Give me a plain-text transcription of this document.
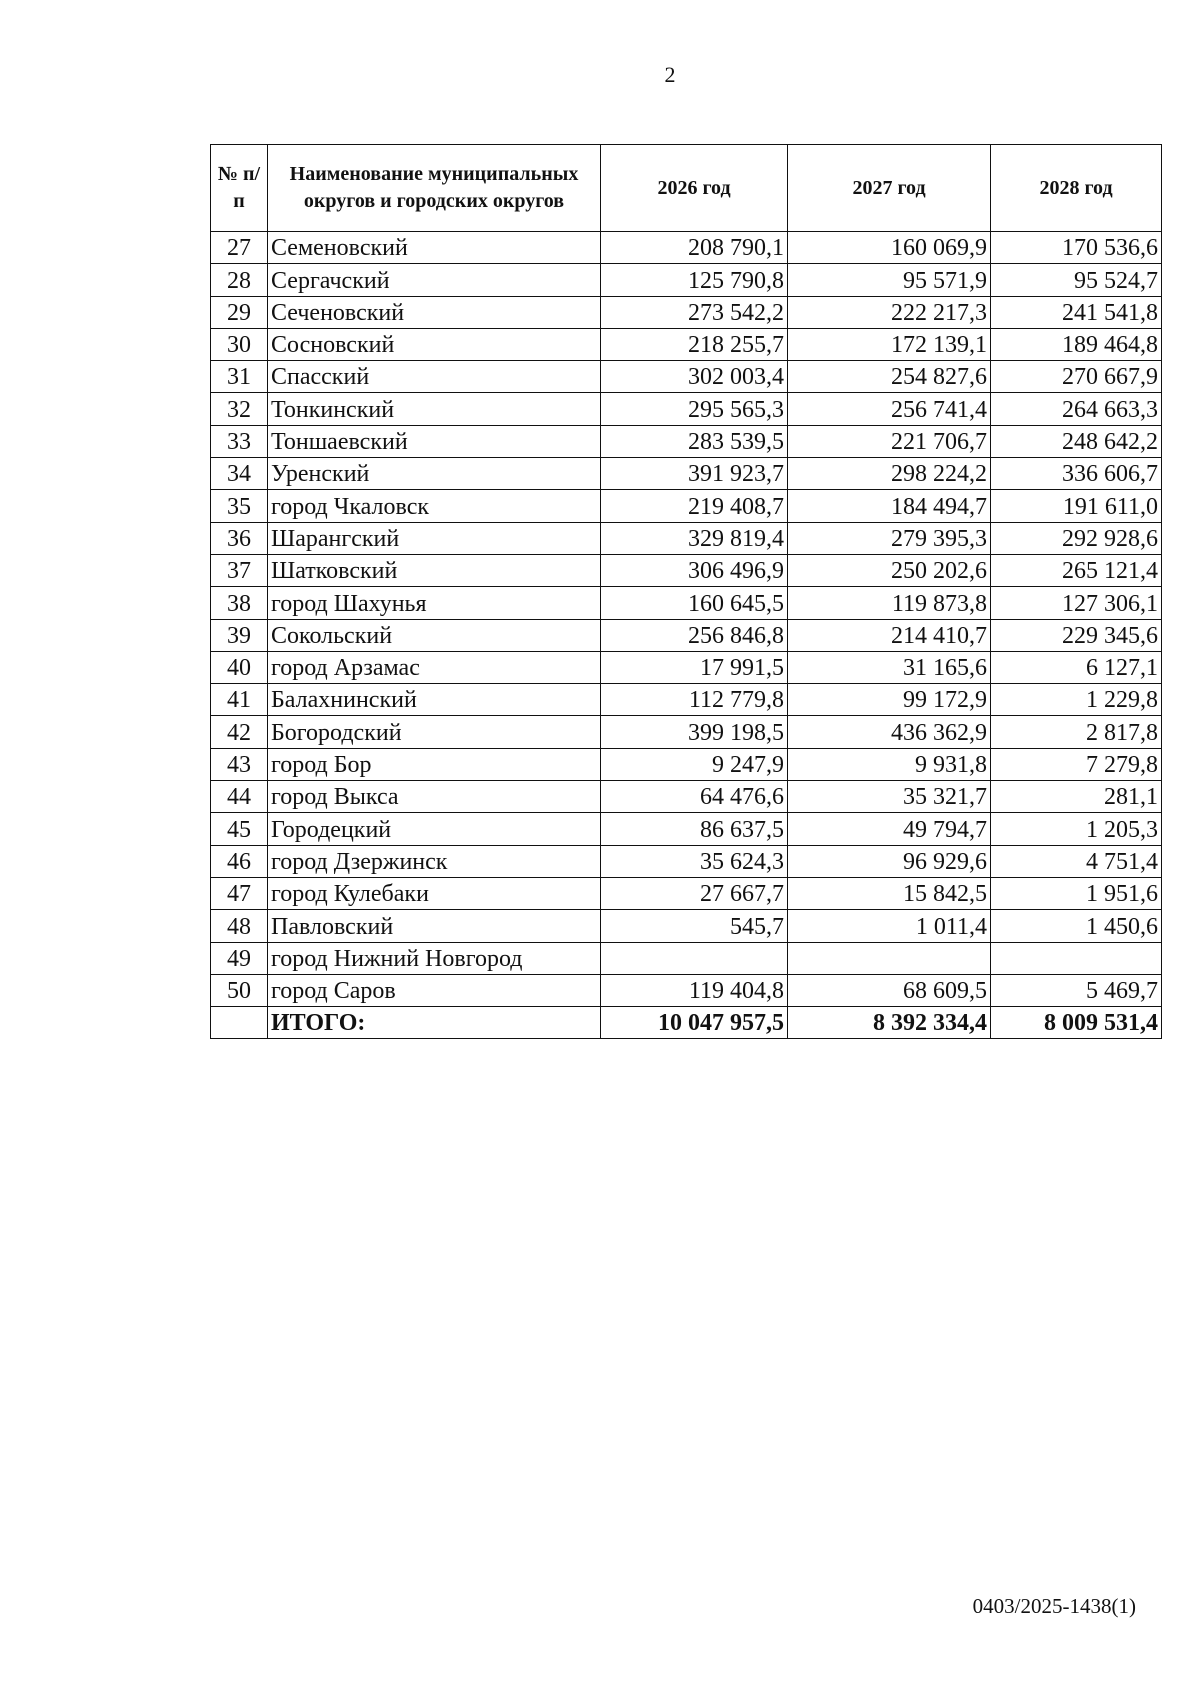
2
№ п/п	Наименование муниципальных округов и городских округов	2026 год	2027 год	2028 год
27	Семеновский	208 790,1	160 069,9	170 536,6
28	Сергачский	125 790,8	95 571,9	95 524,7
29	Сеченовский	273 542,2	222 217,3	241 541,8
30	Сосновский	218 255,7	172 139,1	189 464,8
31	Спасский	302 003,4	254 827,6	270 667,9
32	Тонкинский	295 565,3	256 741,4	264 663,3
33	Тоншаевский	283 539,5	221 706,7	248 642,2
34	Уренский	391 923,7	298 224,2	336 606,7
35	город Чкаловск	219 408,7	184 494,7	191 611,0
36	Шарангский	329 819,4	279 395,3	292 928,6
37	Шатковский	306 496,9	250 202,6	265 121,4
38	город Шахунья	160 645,5	119 873,8	127 306,1
39	Сокольский	256 846,8	214 410,7	229 345,6
40	город Арзамас	17 991,5	31 165,6	6 127,1
41	Балахнинский	112 779,8	99 172,9	1 229,8
42	Богородский	399 198,5	436 362,9	2 817,8
43	город Бор	9 247,9	9 931,8	7 279,8
44	город Выкса	64 476,6	35 321,7	281,1
45	Городецкий	86 637,5	49 794,7	1 205,3
46	город Дзержинск	35 624,3	96 929,6	4 751,4
47	город Кулебаки	27 667,7	15 842,5	1 951,6
48	Павловский	545,7	1 011,4	1 450,6
49	город Нижний Новгород			
50	город Саров	119 404,8	68 609,5	5 469,7
	ИТОГО:	10 047 957,5	8 392 334,4	8 009 531,4
0403/2025-1438(1)
